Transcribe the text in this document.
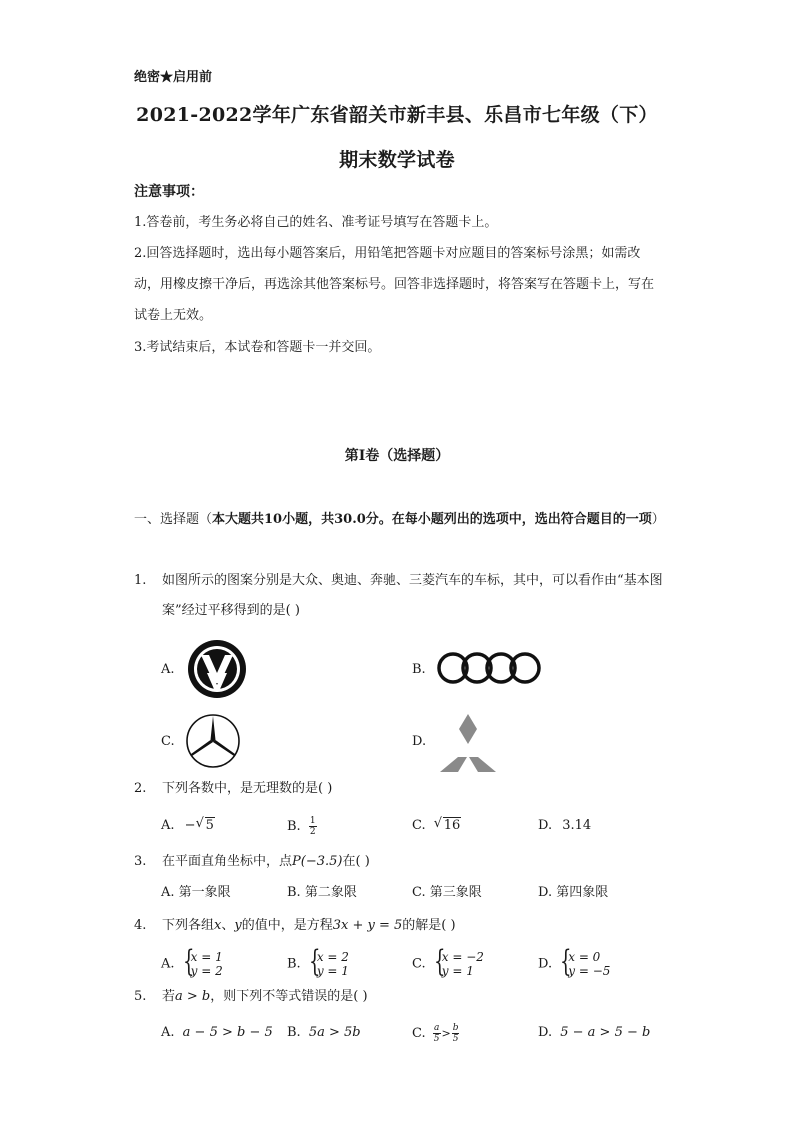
绝密★启用前
2021-2022学年广东省韶关市新丰县、乐昌市七年级（下）
期末数学试卷
注意事项：
1.答卷前，考生务必将自己的姓名、准考证号填写在答题卡上。
2.回答选择题时，选出每小题答案后，用铅笔把答题卡对应题目的答案标号涂黑；如需改动，用橡皮擦干净后，再选涂其他答案标号。回答非选择题时，将答案写在答题卡上，写在试卷上无效。
3.考试结束后，本试卷和答题卡一并交回。
第I卷（选择题）
一、选择题（本大题共10小题，共30.0分。在每小题列出的选项中，选出符合题目的一项）
1.	如图所示的图案分别是大众、奥迪、奔驰、三菱汽车的车标，其中，可以看作由“基本图案”经过平移得到的是( )
A.	B.
C.	D.
2.	下列各数中，是无理数的是( )
A. − √ 5	B. $\frac{1}{2}$	C. √ 16	D. 3.14
3.	在平面直角坐标中，点P(−3.5)在( )
A. 第一象限	B. 第二象限	C. 第三象限	D. 第四象限
4.	下列各组x、y的值中，是方程3x + y = 5的解是( )
A. {
x = 1
y = 2	B. {
x = 2
y = 1	C. {
x = −2
y = 1	D. {
x = 0
y = −5
5.	若a > b，则下列不等式错误的是( )
A. a − 5 > b − 5 B. 5a > 5b	C. $\frac{a}{5} > \frac{b}{5}$	D. 5 − a > 5 − b
